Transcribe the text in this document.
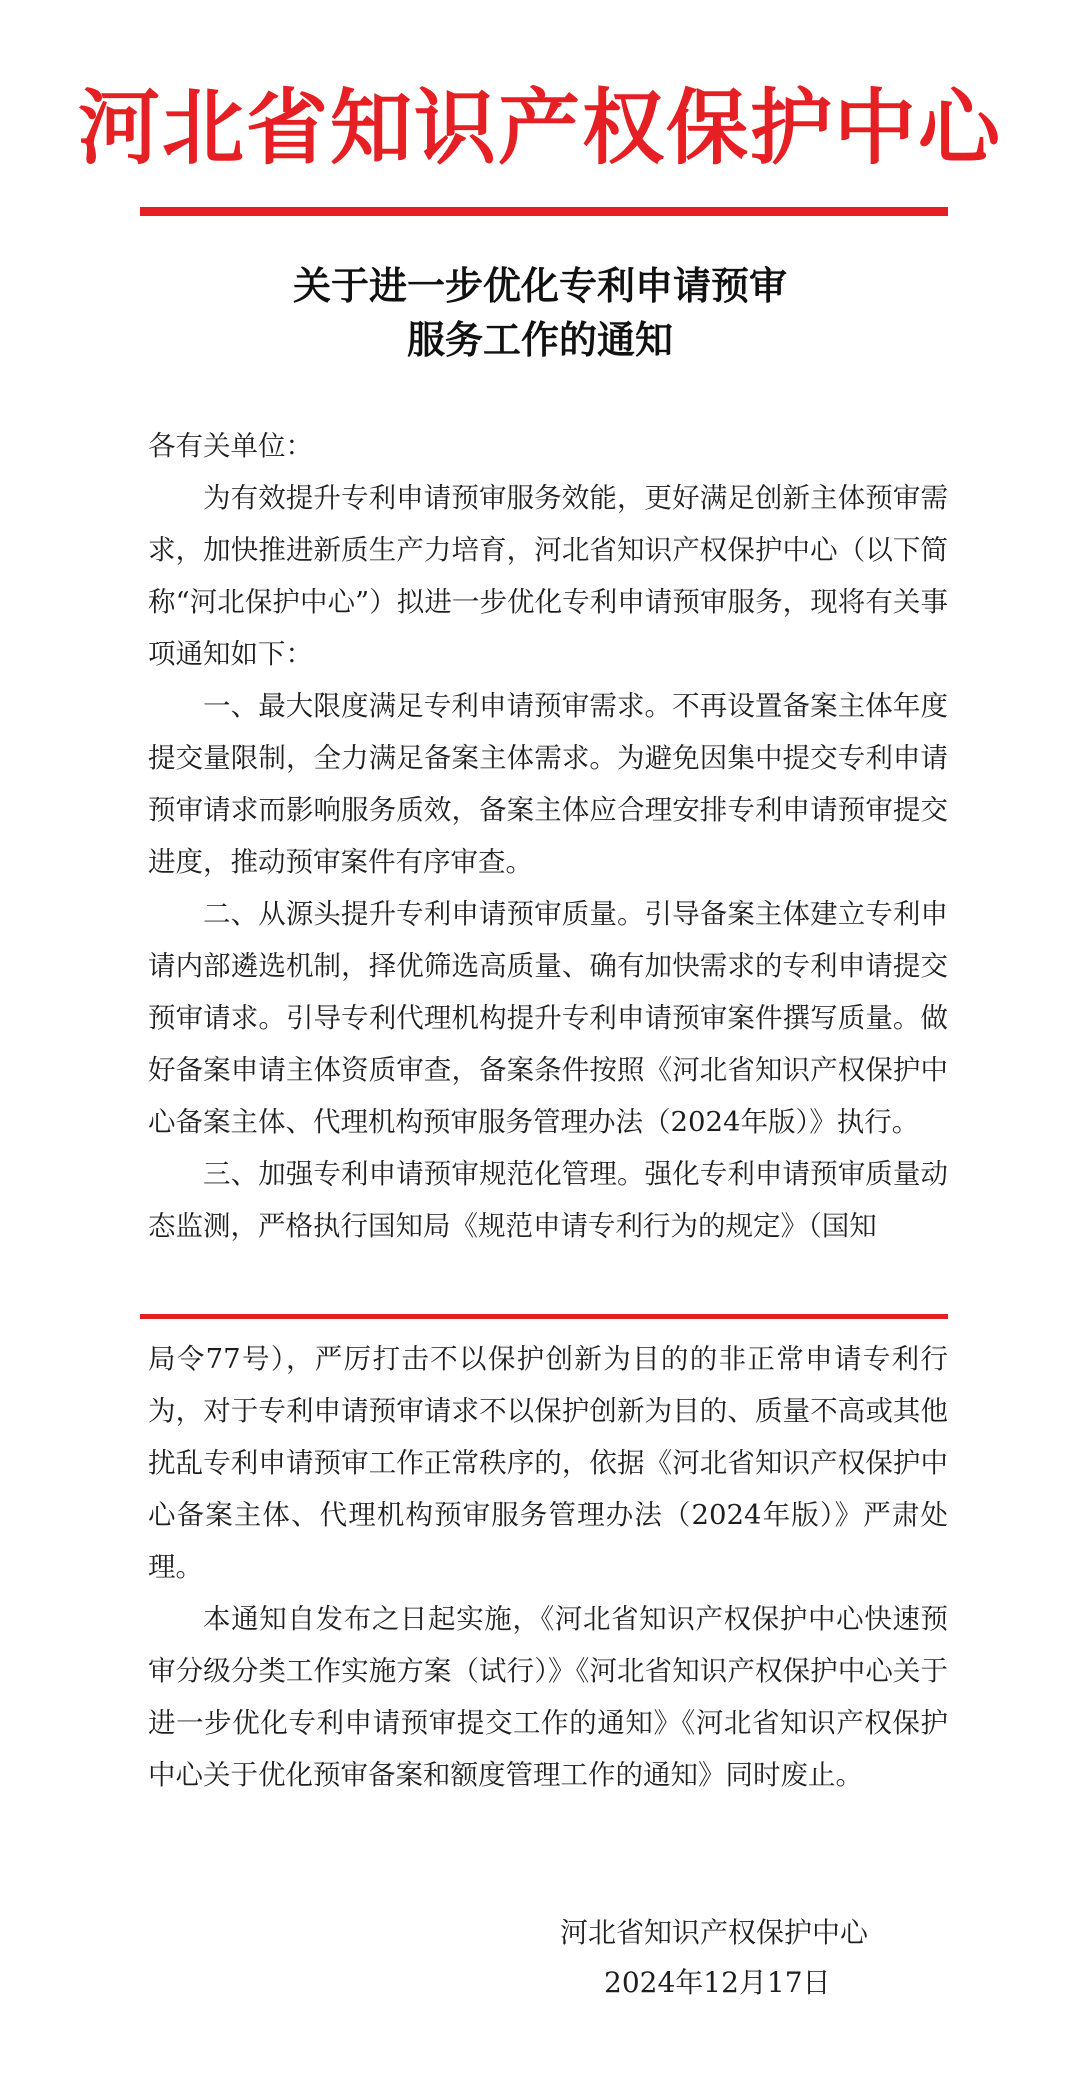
河北省知识产权保护中心
关于进一步优化专利申请预审
服务工作的通知

各有关单位：

为有效提升专利申请预审服务效能，更好满足创新主体预审需求，加快推进新质生产力培育，河北省知识产权保护中心（以下简称“河北保护中心”）拟进一步优化专利申请预审服务，现将有关事项通知如下：

一、最大限度满足专利申请预审需求。不再设置备案主体年度提交量限制，全力满足备案主体需求。为避免因集中提交专利申请预审请求而影响服务质效，备案主体应合理安排专利申请预审提交进度，推动预审案件有序审查。

二、从源头提升专利申请预审质量。引导备案主体建立专利申请内部遴选机制，择优筛选高质量、确有加快需求的专利申请提交预审请求。引导专利代理机构提升专利申请预审案件撰写质量。做好备案申请主体资质审查，备案条件按照《河北省知识产权保护中心备案主体、代理机构预审服务管理办法（2024年版）》执行。

三、加强专利申请预审规范化管理。强化专利申请预审质量动态监测，严格执行国知局《规范申请专利行为的规定》（国知

局令77号），严厉打击不以保护创新为目的的非正常申请专利行为，对于专利申请预审请求不以保护创新为目的、质量不高或其他扰乱专利申请预审工作正常秩序的，依据《河北省知识产权保护中心备案主体、代理机构预审服务管理办法（2024年版）》严肃处理。

本通知自发布之日起实施，《河北省知识产权保护中心快速预审分级分类工作实施方案（试行）》《河北省知识产权保护中心关于进一步优化专利申请预审提交工作的通知》《河北省知识产权保护中心关于优化预审备案和额度管理工作的通知》同时废止。

河北省知识产权保护中心
2024年12月17日
